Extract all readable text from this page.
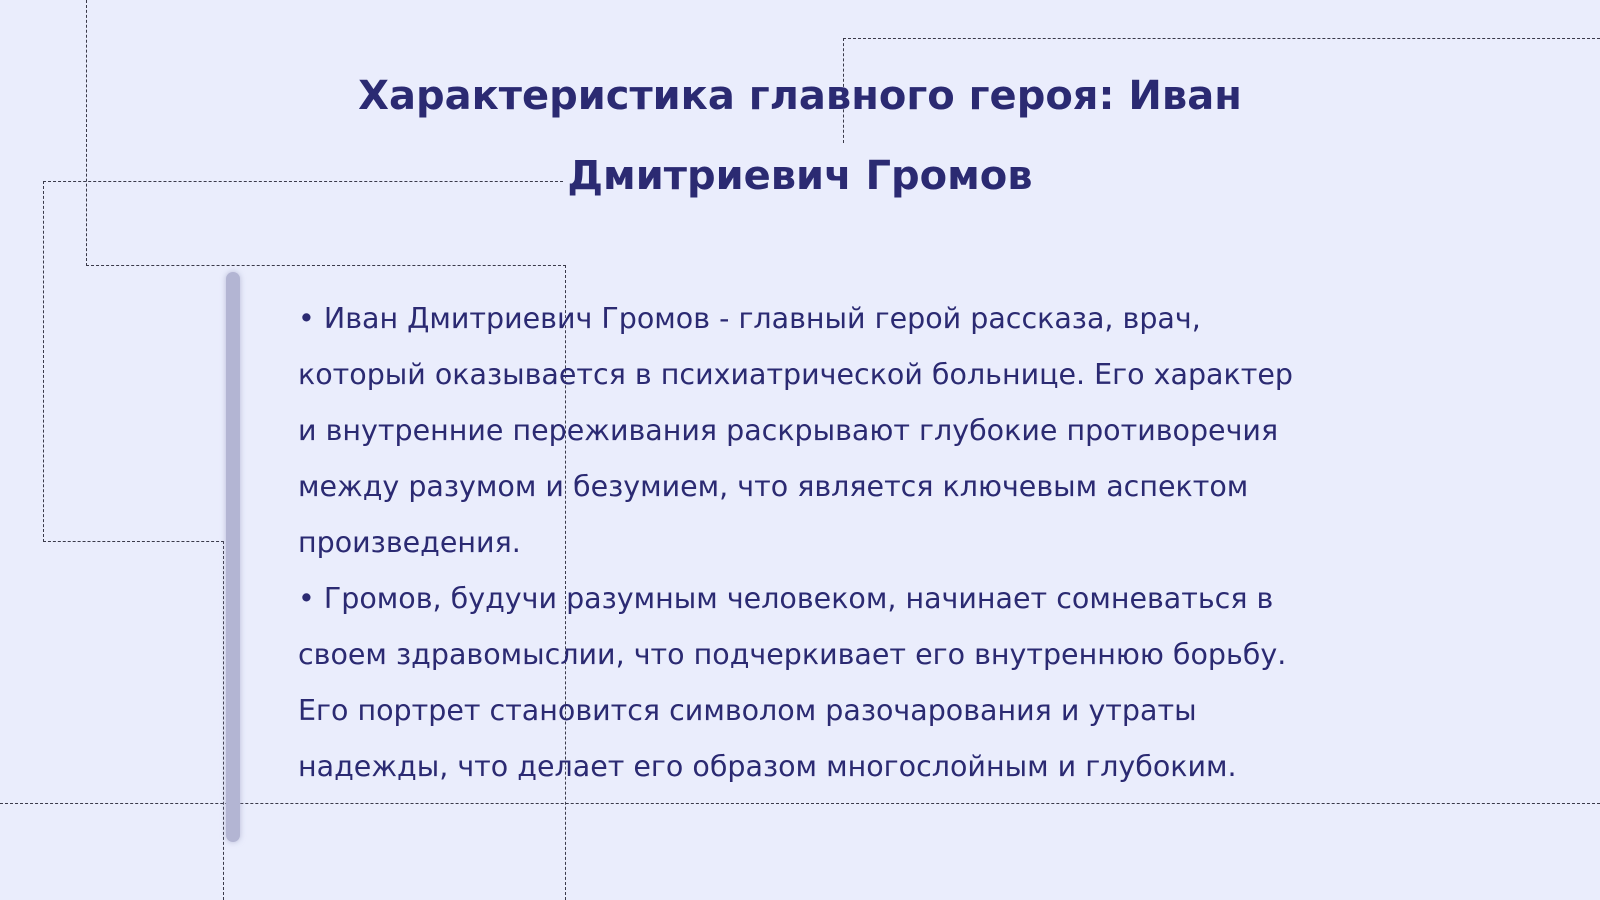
Характеристика главного героя: Иван Дмитриевич Громов

• Иван Дмитриевич Громов - главный герой рассказа, врач, который оказывается в психиатрической больнице. Его характер и внутренние переживания раскрывают глубокие противоречия между разумом и безумием, что является ключевым аспектом произведения.

• Громов, будучи разумным человеком, начинает сомневаться в своем здравомыслии, что подчеркивает его внутреннюю борьбу. Его портрет становится символом разочарования и утраты надежды, что делает его образом многослойным и глубоким.
